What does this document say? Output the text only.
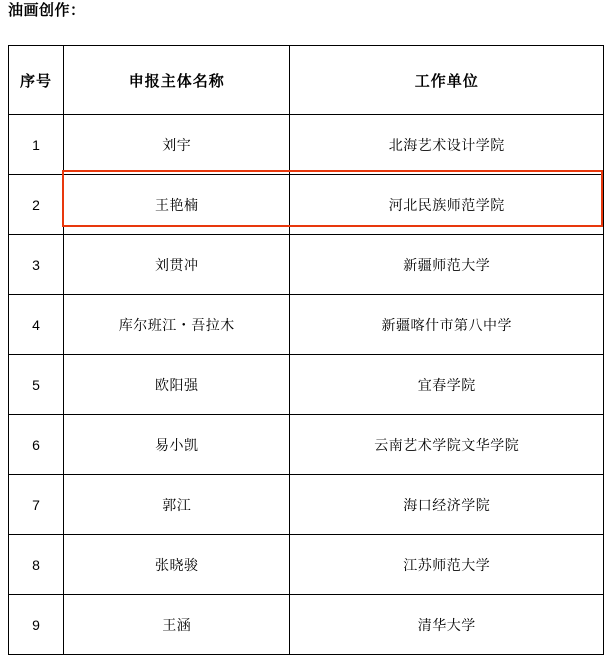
油画创作：
序号	申报主体名称	工作单位
1	刘宇	北海艺术设计学院
2	王艳楠	河北民族师范学院
3	刘贯冲	新疆师范大学
4	库尔班江・吾拉木	新疆喀什市第八中学
5	欧阳强	宜春学院
6	易小凯	云南艺术学院文华学院
7	郭江	海口经济学院
8	张晓骏	江苏师范大学
9	王涵	清华大学
